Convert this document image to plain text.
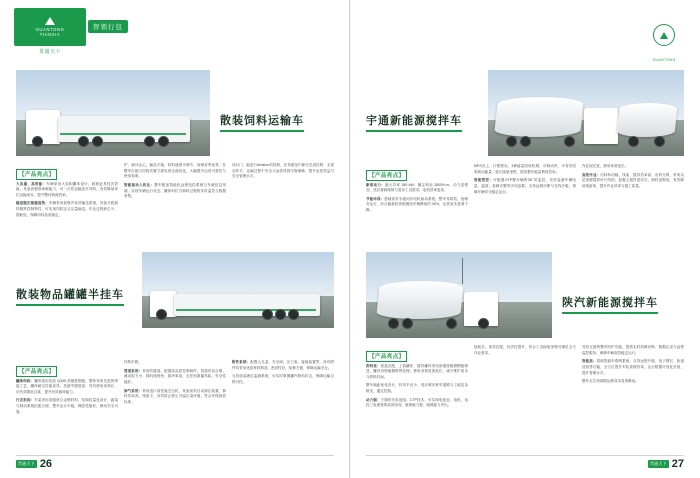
GUANTONG
TIANXIA
贯通天下
智领行包
散装饲料运输车
【产品亮点】

大容量、高效能：车辆采用大容积罐体设计，载荷更具经济效能，具备高强度承载能力，可一次性运输更多饲料，有效降低单位运输成本，提升整体物流效率。

输送稳定便捷高效：车辆采用低噪声高效输送系统，具备分段卸料精准控制特性，可实现饲料定点定量输送，作业过程粉尘少、损耗低，保障饲料品质稳定。

护、耐冲击心、输送平稳、料料速度可调节、低噪音等优势，在整车匹配与结构布置方面实现全面优化，大幅提升运营可靠性与使用寿命。

智能驱动人机化：整车配备智能化远程电控系统与车载信息终端，实现车辆运行状态、罐体料位与卸料过程的实时监控与数据采集。

项目门，能进行division料控制，在驾驶室内即可完成控制，无需动作手，运输过程中安全与品质得到可靠保障，提升运营效益与安全管理水平。

散装物品罐罐半挂车
【产品亮点】

罐体结构：罐体选用优质 Q345 高强度钢板，整体采用先进的焊接工艺，罐体耐压性能优异，抗疲劳强度高，具有使用寿命长，可有效降低自重，提升有效载荷能力。

行走机构：车架采用高强度合金钢材料，结构轻量化设计，悬架与制动系统匹配合理，整车运行平稳，操控性能好，制动安全可靠。

结构牢固。

管道系统：采用防腐蚀、配置高品质控制阀件，管道布局合理，流动阻力小，卸料速度快，卸净率高，无任何泄漏风险，安全性能好。

卸气系统：采用进口高性能空压机，具备高效自动卸压装置，卸料效率高，残留少，有效防止粉尘外溢污染环境，符合环保排放标准。

附件系统：配置人孔盖、安全阀、压力表、接地装置等，所有附件均采用优质材料制造，密封性好，检修方便，保障运输安全。

支持选装液位监测系统，可实时掌握罐内物料状态，保障运输过程可控。

贯通天下 26
GUANTONG

宇通新能源搅拌车
【产品亮点】

新部动力：最大功率 180 kW，额定转矩 2800N·m，动力更强劲，适应重载爬坡与复杂工况需求，电机效率更高。

节能环保：搭载高效永磁同步电机驱动系统，整车零排放、低噪音运行，综合能耗较传统燃油车辆降低约 30%，运营成本显著下降。

MPS沉上，行驶情况、3种能量回收机制，可制动时，可有效回收制动能量，延长续航里程，提高整车能量利用效率。

智能管控：可配置OTP聚车辆的3D־时监控，实时监测车辆电量、温度、故障告警等多项参数，支持远程诊断与在线升级，保障车辆安全稳定运行。

作业现完宽，使用寿命更长。

高效作业：出料转动稳、线束、搅拌效率高、出料分散，采用双层加强搅拌叶片结构，混凝土搅拌更均匀，卸料更彻底，有效降低残留率，提升作业效率与施工质量。

陕汽新能源搅拌车
【产品亮点】

资料亮：底盘匹配，上装罐体，搅拌罐体采用高强度耐磨钢板制造，罐体内壁耐磨堆焊处理，使用寿命显著延长，减少维护成本与停机时间。

整车轴距优化设计，转弯半径小，适应城市狭窄道路与工地复杂路况，通过性强。

动力强：宁德时代电池组，CTP技术，可实现电池包、电机、电控三电系统的高效协同，载荷能力强，爬坡能力突出。

续航长，高效匹配，经济性提升，综合工况续航里程可满足全天作业需求。

具有完备的整车防护功能，提供实时故障诊断、数据记录与远程监控服务，保障车辆高效稳定运行。

智能高：搭载智能车联网系统，支持远程升级、电子围栏、轨迹回放等功能，全方位提升车队管理效率，运行数据可视化呈现，提升管理水平。

整车全生命周期运维成本显著降低。

贯通天下 27
